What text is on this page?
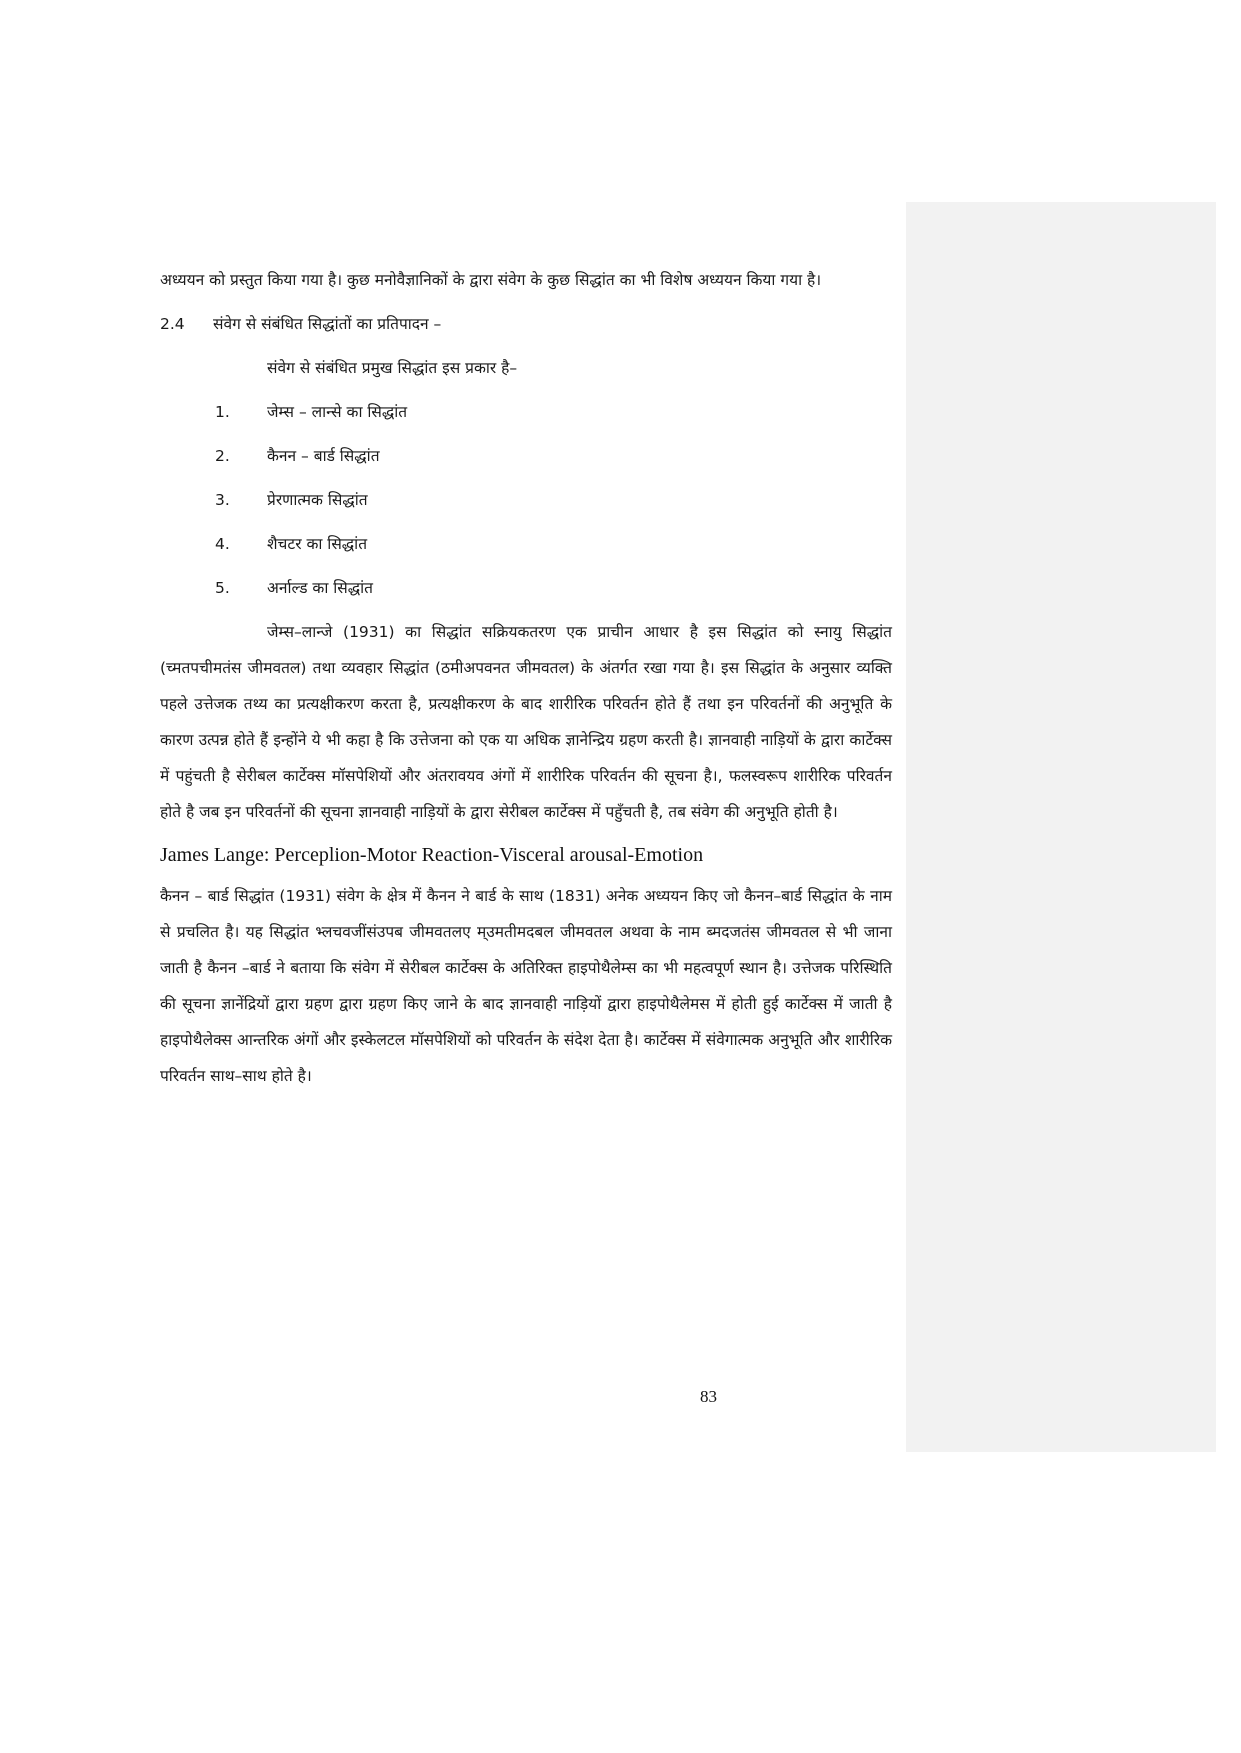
अध्ययन को प्रस्तुत किया गया है। कुछ मनोवैज्ञानिकों के द्वारा संवेग के कुछ सिद्धांत का भी विशेष अध्ययन किया गया है।

2.4	संवेग से संबंधित सिद्धांतों का प्रतिपादन –
संवेग से संबंधित प्रमुख सिद्धांत इस प्रकार है–
1.	जेम्स – लान्से का सिद्धांत
2.	कैनन – बार्ड सिद्धांत
3.	प्रेरणात्मक सिद्धांत
4.	शैचटर का सिद्धांत
5.	अर्नाल्ड का सिद्धांत

जेम्स–लान्जे (1931) का सिद्धांत सक्रियकतरण एक प्राचीन आधार है इस सिद्धांत को स्नायु सिद्धांत (च्मतपचीमतंस जीमवतल) तथा व्यवहार सिद्धांत (ठमीअपवनत जीमवतल) के अंतर्गत रखा गया है। इस सिद्धांत के अनुसार व्यक्ति पहले उत्तेजक तथ्य का प्रत्यक्षीकरण करता है, प्रत्यक्षीकरण के बाद शारीरिक परिवर्तन होते हैं तथा इन परिवर्तनों की अनुभूति के कारण उत्पन्न होते हैं इन्होंने ये भी कहा है कि उत्तेजना को एक या अधिक ज्ञानेन्द्रिय ग्रहण करती है। ज्ञानवाही नाड़ियों के द्वारा कार्टेक्स में पहुंचती है सेरीबल कार्टेक्स मॉसपेशियों और अंतरावयव अंगों में शारीरिक परिवर्तन की सूचना है।, फलस्वरूप शारीरिक परिवर्तन होते है जब इन परिवर्तनों की सूचना ज्ञानवाही नाड़ियों के द्वारा सेरीबल कार्टेक्स में पहुँचती है, तब संवेग की अनुभूति होती है।

James Lange: Perceplion-Motor Reaction-Visceral arousal-Emotion

कैनन – बार्ड सिद्धांत (1931) संवेग के क्षेत्र में कैनन ने बार्ड के साथ (1831) अनेक अध्ययन किए जो कैनन–बार्ड सिद्धांत के नाम से प्रचलित है। यह सिद्धांत भ्लचवजींसंउपब जीमवतलए म्उमतीमदबल जीमवतल अथवा के नाम ब्मदजतंस जीमवतल से भी जाना जाती है कैनन –बार्ड ने बताया कि संवेग में सेरीबल कार्टेक्स के अतिरिक्त हाइपोथैलेम्स का भी महत्वपूर्ण स्थान है। उत्तेजक परिस्थिति की सूचना ज्ञानेंद्रियों द्वारा ग्रहण द्वारा ग्रहण किए जाने के बाद ज्ञानवाही नाड़ियों द्वारा हाइपोथैलेमस में होती हुई कार्टेक्स में जाती है हाइपोथैलेक्स आन्तरिक अंगों और इस्केलटल मॉसपेशियों को परिवर्तन के संदेश देता है। कार्टेक्स में संवेगात्मक अनुभूति और शारीरिक परिवर्तन साथ–साथ होते है।

83
